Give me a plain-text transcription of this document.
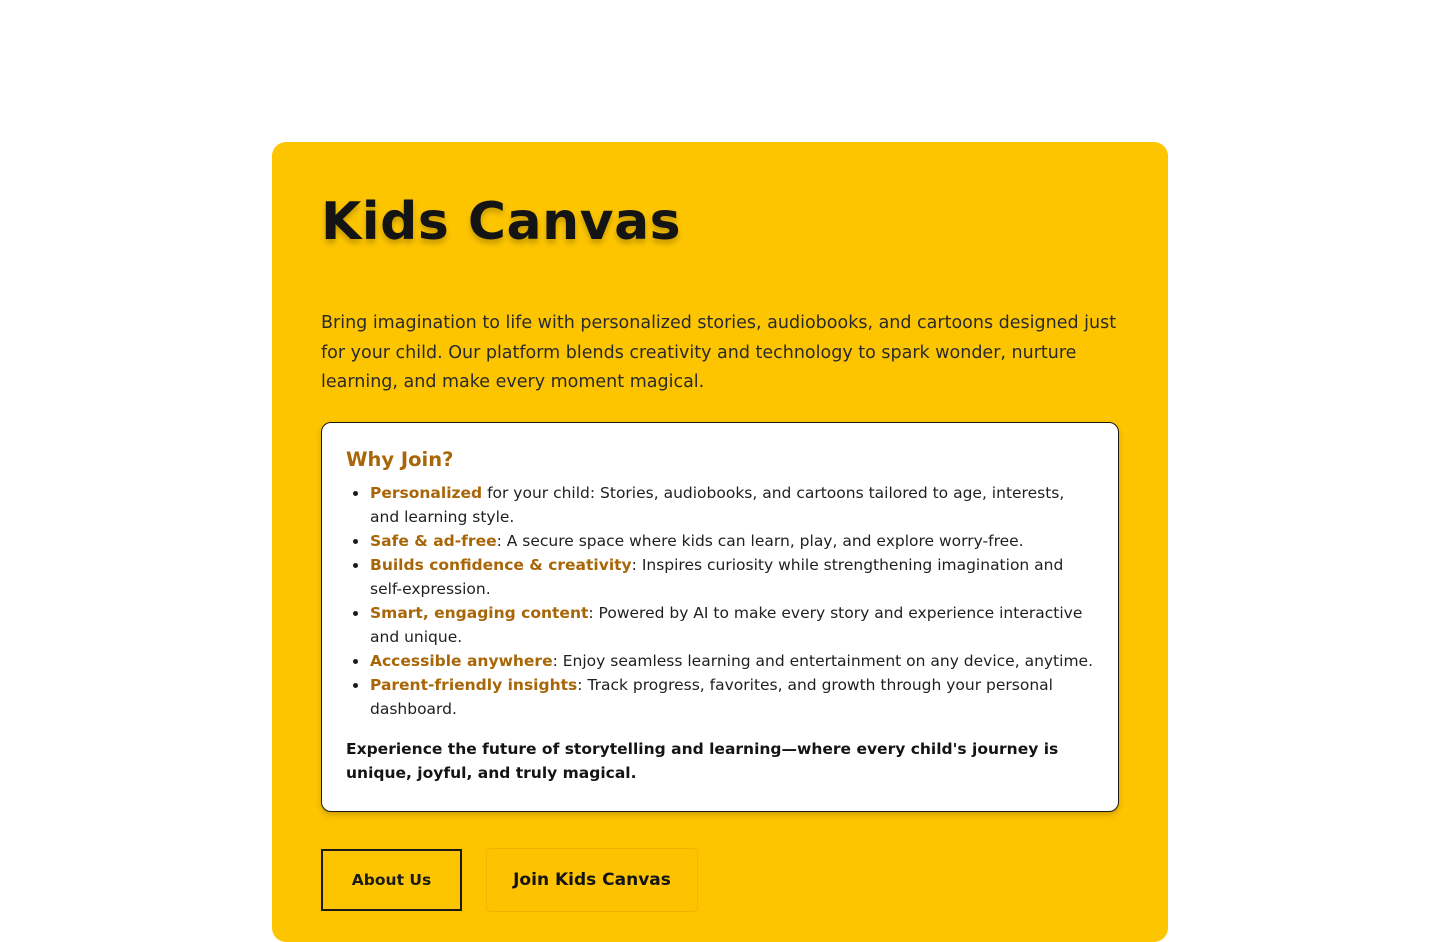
Kids Canvas

Bring imagination to life with personalized stories, audiobooks, and cartoons designed just for your child. Our platform blends creativity and technology to spark wonder, nurture learning, and make every moment magical.

Why Join?
Personalized for your child: Stories, audiobooks, and cartoons tailored to age, interests, and learning style.
Safe & ad-free: A secure space where kids can learn, play, and explore worry-free.
Builds confidence & creativity: Inspires curiosity while strengthening imagination and self-expression.
Smart, engaging content: Powered by AI to make every story and experience interactive and unique.
Accessible anywhere: Enjoy seamless learning and entertainment on any device, anytime.
Parent-friendly insights: Track progress, favorites, and growth through your personal dashboard.

Experience the future of storytelling and learning—where every child's journey is unique, joyful, and truly magical.

About Us	Join Kids Canvas
